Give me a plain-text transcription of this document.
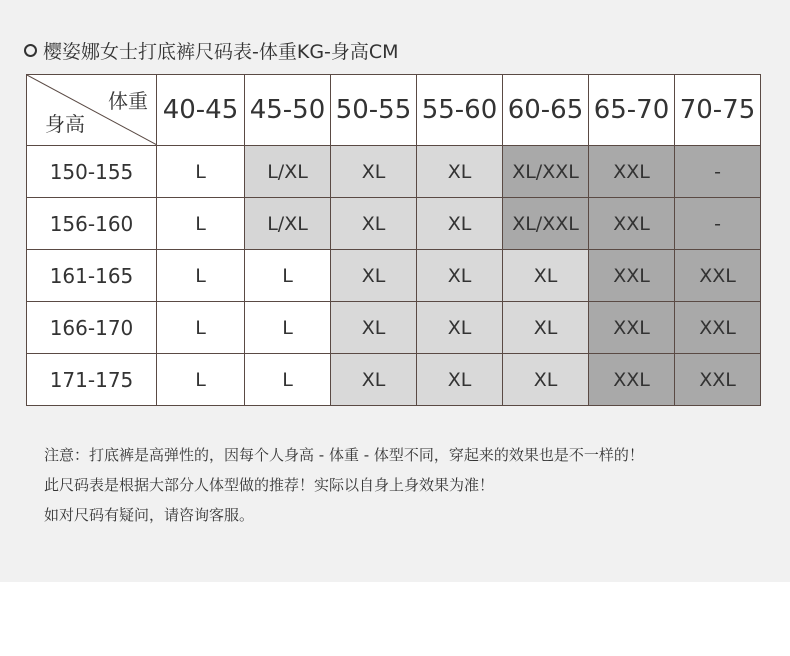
樱姿娜女士打底裤尺码表-体重KG-身高CM
体重
身高	40-45	45-50	50-55	55-60	60-65	65-70	70-75
150-155	L	L/XL	XL	XL	XL/XXL	XXL	-
156-160	L	L/XL	XL	XL	XL/XXL	XXL	-
161-165	L	L	XL	XL	XL	XXL	XXL
166-170	L	L	XL	XL	XL	XXL	XXL
171-175	L	L	XL	XL	XL	XXL	XXL
注意：打底裤是高弹性的，因每个人身高 - 体重 - 体型不同，穿起来的效果也是不一样的！
此尺码表是根据大部分人体型做的推荐！实际以自身上身效果为准！
如对尺码有疑问，请咨询客服。
